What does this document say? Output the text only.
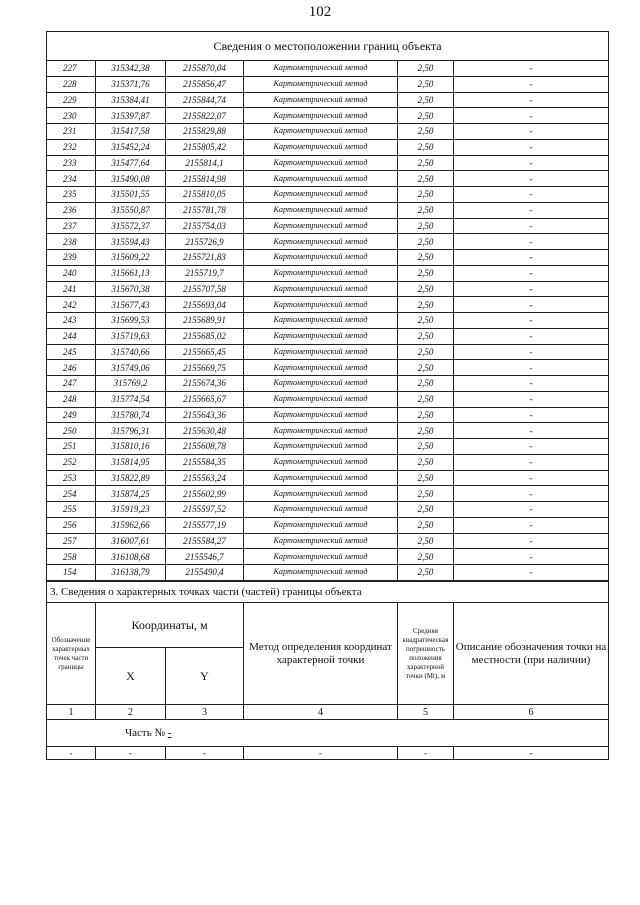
102
Сведения о местоположении границ объекта					
227	315342,38	2155870,04	Картометрический метод	2,50	-
228	315371,76	2155856,47	Картометрический метод	2,50	-
229	315384,41	2155844,74	Картометрический метод	2,50	-
230	315397,87	2155822,07	Картометрический метод	2,50	-
231	315417,58	2155829,88	Картометрический метод	2,50	-
232	315452,24	2155805,42	Картометрический метод	2,50	-
233	315477,64	2155814,1	Картометрический метод	2,50	-
234	315490,08	2155814,98	Картометрический метод	2,50	-
235	315501,55	2155810,05	Картометрический метод	2,50	-
236	315550,87	2155781,78	Картометрический метод	2,50	-
237	315572,37	2155754,03	Картометрический метод	2,50	-
238	315594,43	2155726,9	Картометрический метод	2,50	-
239	315609,22	2155721,83	Картометрический метод	2,50	-
240	315661,13	2155719,7	Картометрический метод	2,50	-
241	315670,38	2155707,58	Картометрический метод	2,50	-
242	315677,43	2155693,04	Картометрический метод	2,50	-
243	315699,53	2155689,91	Картометрический метод	2,50	-
244	315719,63	2155685,02	Картометрический метод	2,50	-
245	315740,66	2155665,45	Картометрический метод	2,50	-
246	315749,06	2155669,75	Картометрический метод	2,50	-
247	315769,2	2155674,36	Картометрический метод	2,50	-
248	315774,54	2155665,67	Картометрический метод	2,50	-
249	315780,74	2155643,36	Картометрический метод	2,50	-
250	315796,31	2155630,48	Картометрический метод	2,50	-
251	315810,16	2155608,78	Картометрический метод	2,50	-
252	315814,95	2155584,35	Картометрический метод	2,50	-
253	315822,89	2155563,24	Картометрический метод	2,50	-
254	315874,25	2155602,99	Картометрический метод	2,50	-
255	315919,23	2155597,52	Картометрический метод	2,50	-
256	315962,66	2155577,19	Картометрический метод	2,50	-
257	316007,61	2155584,27	Картометрический метод	2,50	-
258	316108,68	2155546,7	Картометрический метод	2,50	-
154	316138,79	2155490,4	Картометрический метод	2,50	-
3. Сведения о характерных точках части (частей) границы объекта					
Обозначение характерных точек части границы	Координаты, м		Метод определения координат характерной точки	Средняя квадратическая погрешность положения характерной точки (Mt), м	Описание обозначения точки на местности (при наличии)
	X	Y			
1	2	3	4	5	6
Часть № -					
-	-	-	-	-	-
